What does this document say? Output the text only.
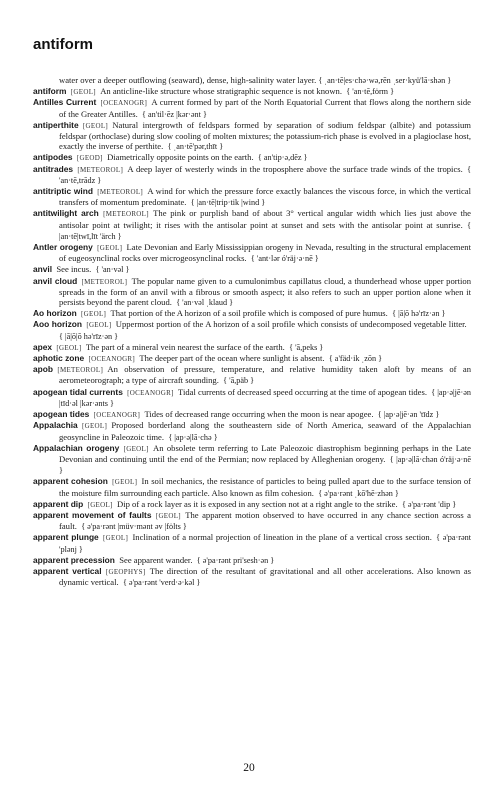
antiform

water over a deeper outflowing (seaward), dense, high-salinity water layer. { ˌan·tē|es·chə·wə,rēn ˌser·kyü'lā·shən }

antiform  [GEOL]  An anticline-like structure whose stratigraphic sequence is not known.  { 'an·tē,fȯrm }

Antilles Current  [OCEANOGR]  A current formed by part of the North Equatorial Current that flows along the northern side of the Greater Antilles.  { an'til·ēz |kər·ənt }

antiperthite  [GEOL]  Natural intergrowth of feldspars formed by separation of sodium feldspar (albite) and potassium feldspar (orthoclase) during slow cooling of molten mixtures; the potassium-rich phase is evolved in a plagioclase host, exactly the inverse of perthite.  { ˌan·tē'pər,thīt }

antipodes  [GEOD]  Diametrically opposite points on the earth.  { an'tip·ə,dēz }

antitrades  [METEOROL]  A deep layer of westerly winds in the troposphere above the surface trade winds of the tropics.  { 'an·tē,trādz }

antitriptic wind  [METEOROL]  A wind for which the pressure force exactly balances the viscous force, in which the vertical transfers of momentum predominate.  { |an·tē|trip·tik |wind }

antitwilight arch  [METEOROL]  The pink or purplish band of about 3° vertical angular width which lies just above the antisolar point at twilight; it rises with the antisolar point at sunset and sets with the antisolar point at sunrise.  { |an·tē|twī,līt 'ärch }

Antler orogeny  [GEOL]  Late Devonian and Early Mississippian orogeny in Nevada, resulting in the structural emplacement of eugeosynclinal rocks over microgeosynclinal rocks.  { 'ant·lər ó'räj·ə·nē }

anvil  See incus.  { 'an·vəl }

anvil cloud  [METEOROL]  The popular name given to a cumulonimbus capillatus cloud, a thunderhead whose upper portion spreads in the form of an anvil with a fibrous or smooth aspect; it also refers to such an upper portion alone when it persists beyond the parent cloud.  { 'an·vəl ˌklaud }

Ao horizon  [GEOL]  That portion of the A horizon of a soil profile which is composed of pure humus.  { |ā|ō hə'rīz·ən }

Aoo horizon  [GEOL]  Uppermost portion of the A horizon of a soil profile which consists of undecomposed vegetable litter. { |ā|ō|ō hə'rīz·ən }

apex  [GEOL]  The part of a mineral vein nearest the surface of the earth.  { 'ā,peks }

aphotic zone  [OCEANOGR]  The deeper part of the ocean where sunlight is absent.  { a'fäd·ik ˌzōn }

apob  [METEOROL]  An observation of pressure, temperature, and relative humidity taken aloft by means of an aerometeorograph; a type of aircraft sounding.  { 'ā,päb }

apogean tidal currents  [OCEANOGR]  Tidal currents of decreased speed occurring at the time of apogean tides.  { |ap·ə|jē·ən |tīd·əl |kər·ənts }

apogean tides  [OCEANOGR]  Tides of decreased range occurring when the moon is near apogee.  { |ap·ə|jē·ən 'tīdz }

Appalachia  [GEOL]  Proposed borderland along the southeastern side of North America, seaward of the Appalachian geosyncline in Paleozoic time.  { |ap·ə|lā·chə }

Appalachian orogeny  [GEOL]  An obsolete term referring to Late Paleozoic diastrophism beginning perhaps in the Late Devonian and continuing until the end of the Permian; now replaced by Alleghenian orogeny.  { |ap·ə|lā·chən ó'räj·ə·nē }

apparent cohesion  [GEOL]  In soil mechanics, the resistance of particles to being pulled apart due to the surface tension of the moisture film surrounding each particle. Also known as film cohesion.  { ə'pa·rənt ˌkō'hē·zhən }

apparent dip  [GEOL]  Dip of a rock layer as it is exposed in any section not at a right angle to the strike.  { ə'pa·rənt 'dip }

apparent movement of faults  [GEOL]  The apparent motion observed to have occurred in any chance section across a fault.  { ə'pa·rənt |müv·mənt əv |fȯlts }

apparent plunge  [GEOL]  Inclination of a normal projection of lineation in the plane of a vertical cross section.  { ə'pa·rənt 'plənj }

apparent precession  See apparent wander.  { ə'pa·rənt pri'sesh·ən }

apparent vertical  [GEOPHYS]  The direction of the resultant of gravitational and all other accelerations. Also known as dynamic vertical.  { ə'pa·rənt 'verd·ə·kəl }

20
